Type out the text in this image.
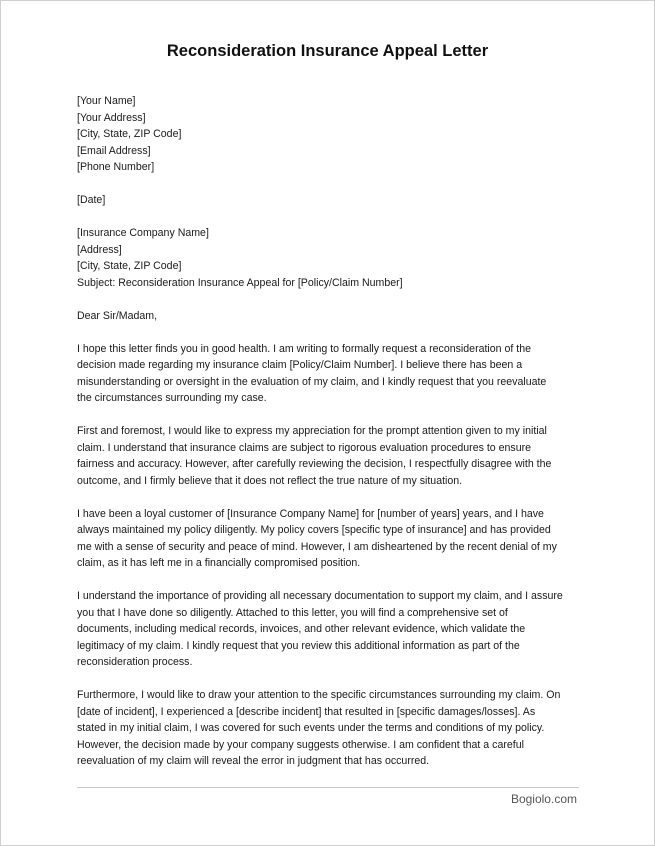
Reconsideration Insurance Appeal Letter
[Your Name]
[Your Address]
[City, State, ZIP Code]
[Email Address]
[Phone Number]
[Date]
[Insurance Company Name]
[Address]
[City, State, ZIP Code]
Subject: Reconsideration Insurance Appeal for [Policy/Claim Number]
Dear Sir/Madam,
I hope this letter finds you in good health. I am writing to formally request a reconsideration of the
decision made regarding my insurance claim [Policy/Claim Number]. I believe there has been a
misunderstanding or oversight in the evaluation of my claim, and I kindly request that you reevaluate
the circumstances surrounding my case.
First and foremost, I would like to express my appreciation for the prompt attention given to my initial
claim. I understand that insurance claims are subject to rigorous evaluation procedures to ensure
fairness and accuracy. However, after carefully reviewing the decision, I respectfully disagree with the
outcome, and I firmly believe that it does not reflect the true nature of my situation.
I have been a loyal customer of [Insurance Company Name] for [number of years] years, and I have
always maintained my policy diligently. My policy covers [specific type of insurance] and has provided
me with a sense of security and peace of mind. However, I am disheartened by the recent denial of my
claim, as it has left me in a financially compromised position.
I understand the importance of providing all necessary documentation to support my claim, and I assure
you that I have done so diligently. Attached to this letter, you will find a comprehensive set of
documents, including medical records, invoices, and other relevant evidence, which validate the
legitimacy of my claim. I kindly request that you review this additional information as part of the
reconsideration process.
Furthermore, I would like to draw your attention to the specific circumstances surrounding my claim. On
[date of incident], I experienced a [describe incident] that resulted in [specific damages/losses]. As
stated in my initial claim, I was covered for such events under the terms and conditions of my policy.
However, the decision made by your company suggests otherwise. I am confident that a careful
reevaluation of my claim will reveal the error in judgment that has occurred.
Bogiolo.com
